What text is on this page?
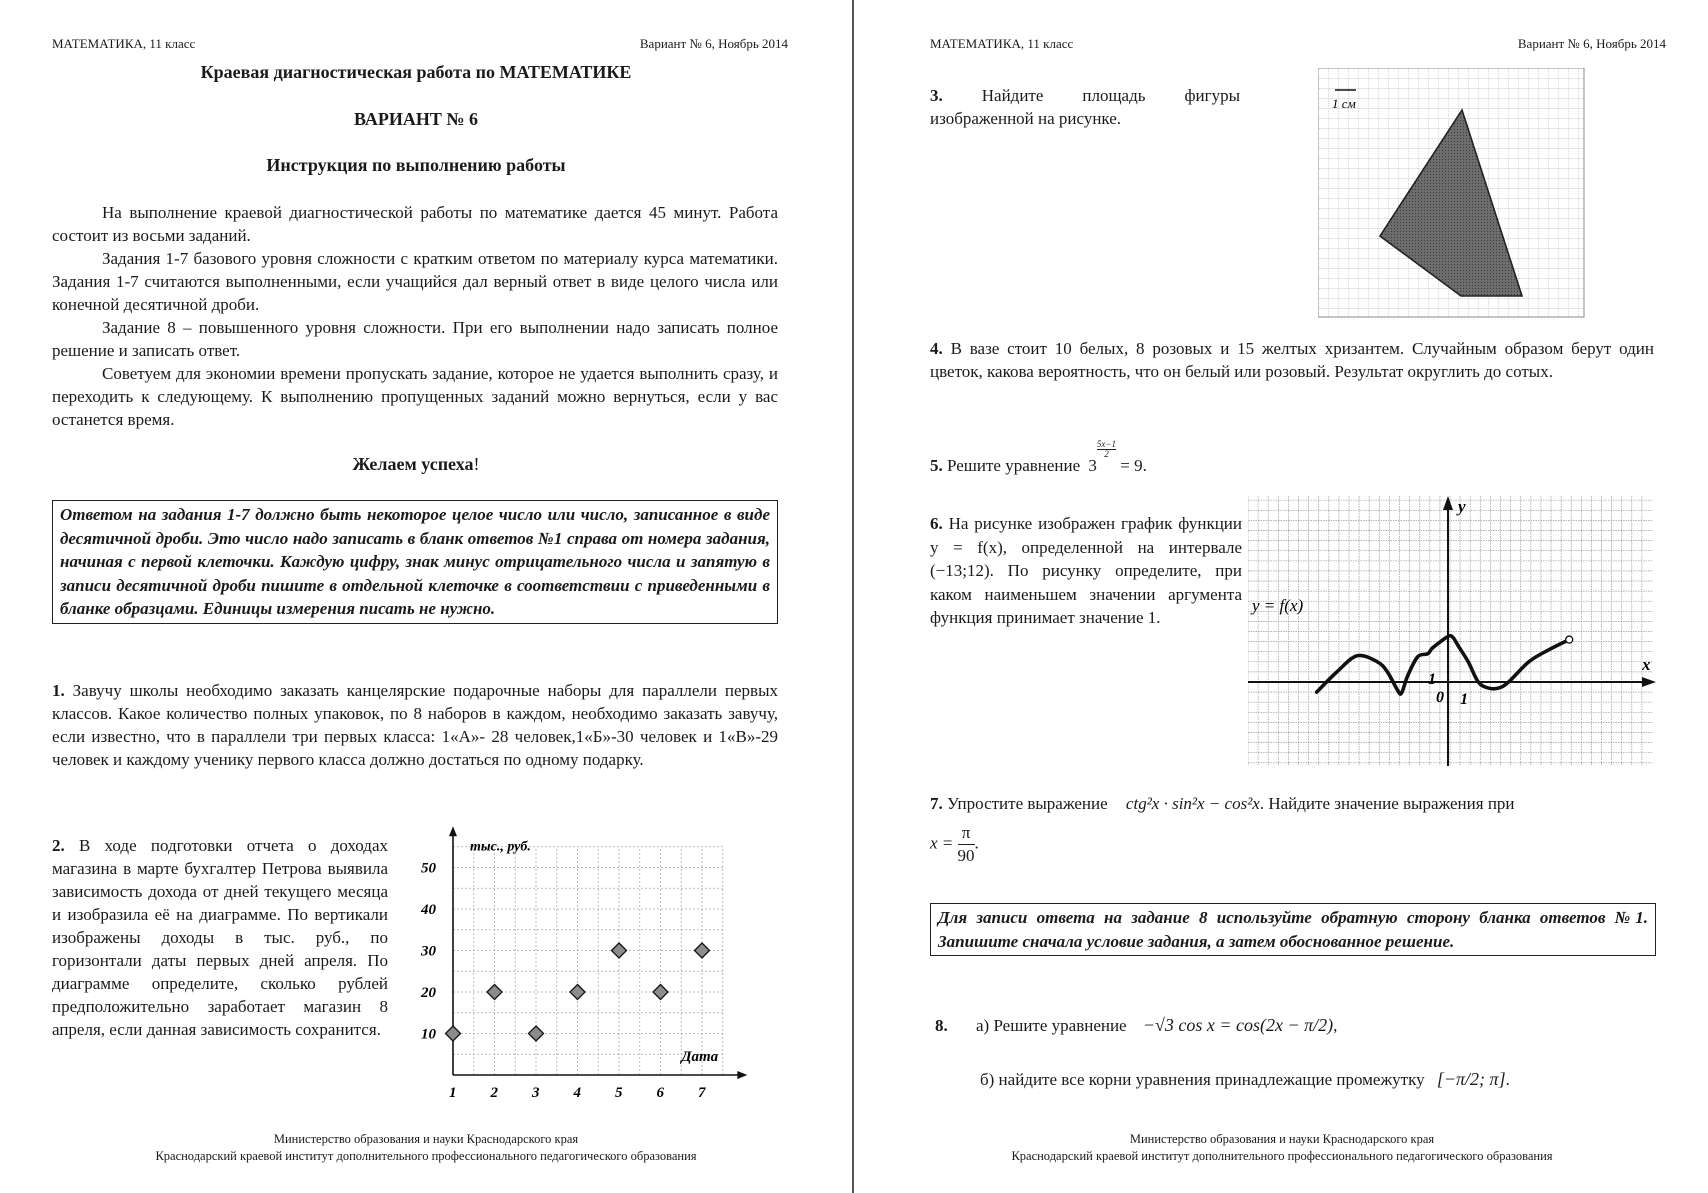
МАТЕМАТИКА, 11 класс	Вариант № 6, Ноябрь 2014
Краевая диагностическая работа по МАТЕМАТИКЕ
ВАРИАНТ № 6
Инструкция по выполнению работы
На выполнение краевой диагностической работы по математике дается 45 минут. Работа состоит из восьми заданий.
Задания 1-7 базового уровня сложности с кратким ответом по материалу курса математики. Задания 1-7 считаются выполненными, если учащийся дал верный ответ в виде целого числа или конечной десятичной дроби.
Задание 8 – повышенного уровня сложности. При его выполнении надо записать полное решение и записать ответ.
Советуем для экономии времени пропускать задание, которое не удается выполнить сразу, и переходить к следующему. К выполнению пропущенных заданий можно вернуться, если у вас останется время.
Желаем успеха!
Ответом на задания 1-7 должно быть некоторое целое число или число, записанное в виде десятичной дроби. Это число надо записать в бланк ответов №1 справа от номера задания, начиная с первой клеточки. Каждую цифру, знак минус отрицательного числа и запятую в записи десятичной дроби пишите в отдельной клеточке в соответствии с приведенными в бланке образцами. Единицы измерения писать не нужно.
1. Завучу школы необходимо заказать канцелярские подарочные наборы для параллели первых классов. Какое количество полных упаковок, по 8 наборов в каждом, необходимо заказать завучу, если известно, что в параллели три первых класса: 1«А»- 28 человек,1«Б»-30 человек и 1«В»-29 человек и каждому ученику первого класса должно достаться по одному подарку.
2. В ходе подготовки отчета о доходах магазина в марте бухгалтер Петрова выявила зависимость дохода от дней текущего месяца и изобразила её на диаграмме. По вертикали изображены доходы в тыс. руб., по горизонтали даты первых дней апреля. По диаграмме определите, сколько рублей предположительно заработает магазин 8 апреля, если данная зависимость сохранится.	10
20
30
40
50
1 2 3 4 5 6 7
тыс., руб.
Дата
Министерство образования и науки Краснодарского края
Краснодарский краевой институт дополнительного профессионального педагогического образования
МАТЕМАТИКА, 11 класс	Вариант № 6, Ноябрь 2014
3. Найдите площадь фигуры изображенной на рисунке.
1 см
4. В вазе стоит 10 белых, 8 розовых и 15 желтых хризантем. Случайным образом берут один цветок, какова вероятность, что он белый или розовый. Результат округлить до сотых.
5. Решите уравнение 3
$\frac{5x-1}{2}$
= 9.
6. На рисунке изображен график функции y = f(x), определенной на интервале (−13;12). По рисунку определите, при каком наименьшем значении аргумента функция принимает значение 1.
y
x
0
1
1
y = f(x)
7. Упростите выражение ctg²x · sin²x − cos²x. Найдите значение выражения при
$x = \frac{\pi}{90}$ .
Для записи ответа на задание 8 используйте обратную сторону бланка ответов №1. Запишите сначала условие задания, а затем обоснованное решение.
8. а) Решите уравнение −√3 cos x = cos(2x − π/2),
б) найдите все корни уравнения принадлежащие промежутку [−π/2; π].
Министерство образования и науки Краснодарского края
Краснодарский краевой институт дополнительного профессионального педагогического образования
